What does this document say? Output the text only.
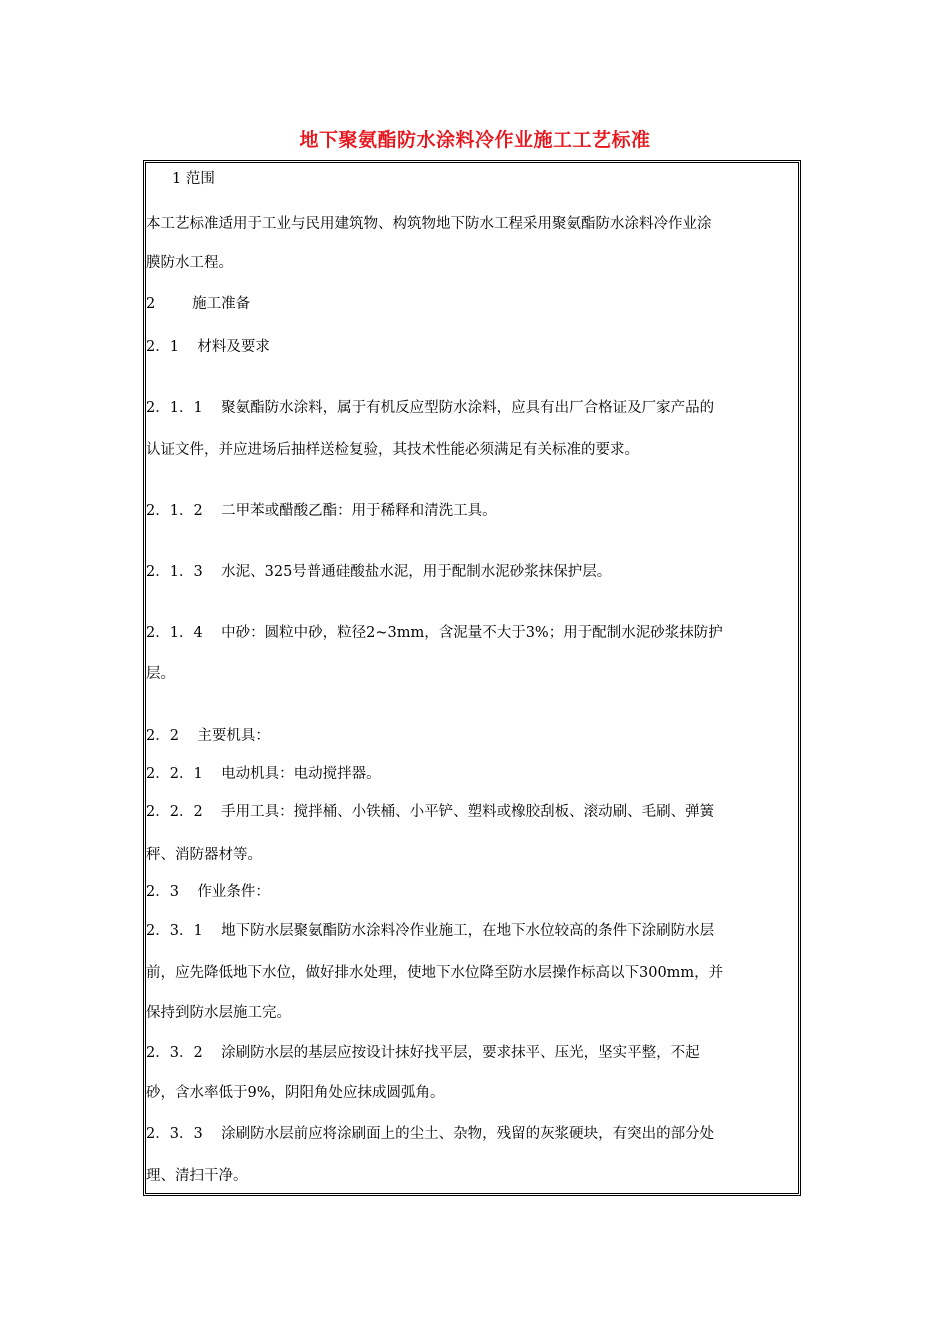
地下聚氨酯防水涂料冷作业施工工艺标准
1 范围
本工艺标准适用于工业与民用建筑物、构筑物地下防水工程采用聚氨酯防水涂料冷作业涂
膜防水工程。
2        施工准备
2．1    材料及要求
2．1．1    聚氨酯防水涂料，属于有机反应型防水涂料，应具有出厂合格证及厂家产品的
认证文件，并应进场后抽样送检复验，其技术性能必须满足有关标准的要求。
2．1．2    二甲苯或醋酸乙酯：用于稀释和清洗工具。
2．1．3    水泥、325号普通硅酸盐水泥，用于配制水泥砂浆抹保护层。
2．1．4    中砂：圆粒中砂，粒径2~3mm，含泥量不大于3%；用于配制水泥砂浆抹防护
层。
2．2    主要机具：
2．2．1    电动机具：电动搅拌器。
2．2．2    手用工具：搅拌桶、小铁桶、小平铲、塑料或橡胶刮板、滚动刷、毛刷、弹簧
秤、消防器材等。
2．3    作业条件：
2．3．1    地下防水层聚氨酯防水涂料冷作业施工，在地下水位较高的条件下涂刷防水层
前，应先降低地下水位，做好排水处理，使地下水位降至防水层操作标高以下300mm，并
保持到防水层施工完。
2．3．2    涂刷防水层的基层应按设计抹好找平层，要求抹平、压光，坚实平整，不起
砂，含水率低于9%，阴阳角处应抹成圆弧角。
2．3．3    涂刷防水层前应将涂刷面上的尘土、杂物，残留的灰浆硬块，有突出的部分处
理、清扫干净。
